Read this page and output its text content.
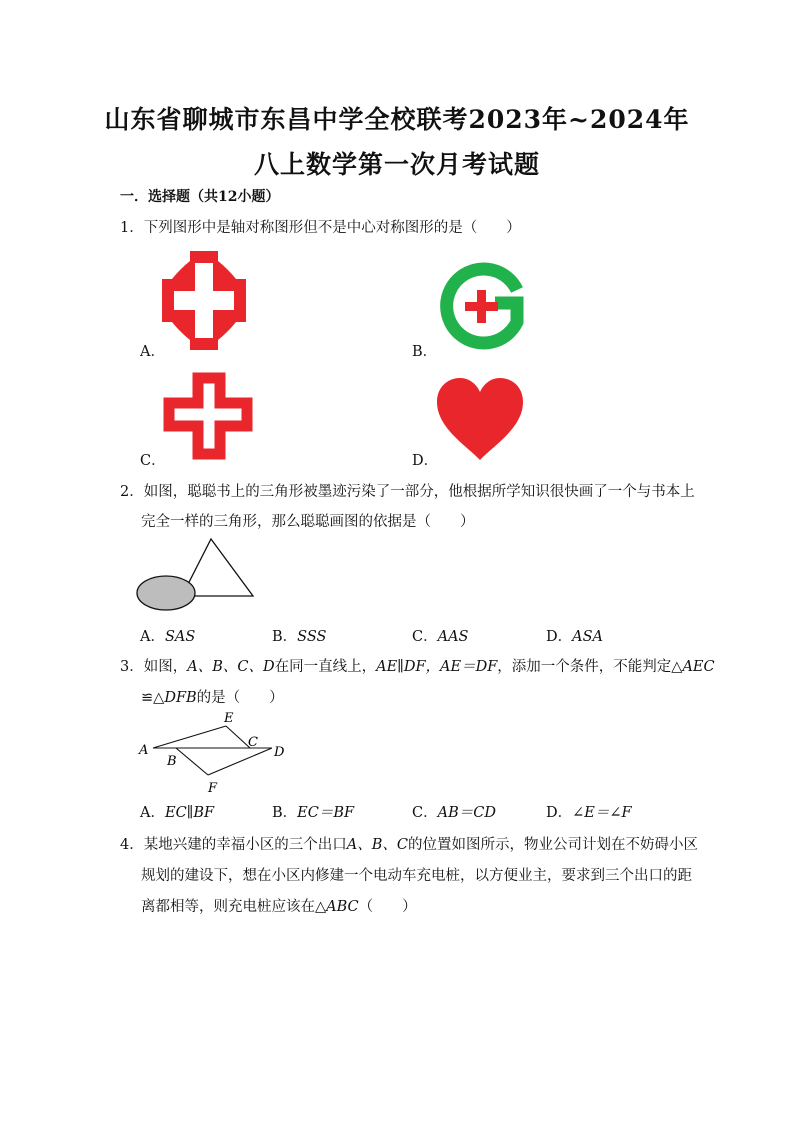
山东省聊城市东昌中学全校联考2023年~2024年
八上数学第一次月考试题
一．选择题（共12小题）
1．下列图形中是轴对称图形但不是中心对称图形的是（　　）
A．	B．
C．	D．
2．如图，聪聪书上的三角形被墨迹污染了一部分，他根据所学知识很快画了一个与书本上
完全一样的三角形，那么聪聪画图的依据是（　　）
A．SAS	B．SSS	C．AAS	D．ASA
3．如图，A、B、C、D在同一直线上，AE∥DF，AE＝DF，添加一个条件，不能判定△AEC
≌△DFB的是（　　）
A
B
C
D
E
F
A．EC∥BF	B．EC＝BF	C．AB＝CD	D．∠E＝∠F
4．某地兴建的幸福小区的三个出口A、B、C的位置如图所示，物业公司计划在不妨碍小区
规划的建设下，想在小区内修建一个电动车充电桩，以方便业主，要求到三个出口的距
离都相等，则充电桩应该在△ABC（　　）
